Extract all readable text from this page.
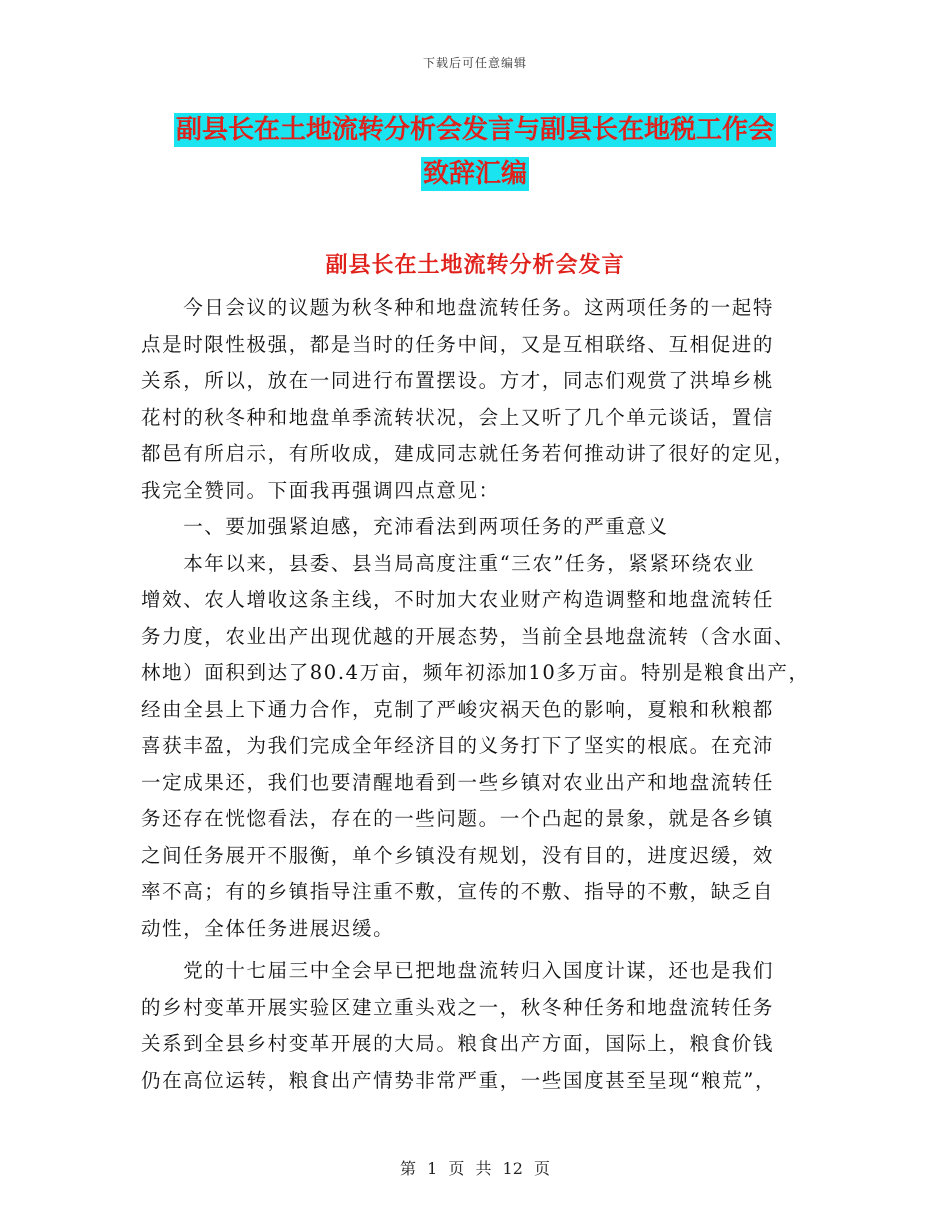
下载后可任意编辑
副县长在土地流转分析会发言与副县长在地税工作会
致辞汇编
副县长在土地流转分析会发言
　　今日会议的议题为秋冬种和地盘流转任务。这两项任务的一起特
点是时限性极强，都是当时的任务中间，又是互相联络、互相促进的
关系，所以，放在一同进行布置摆设。方才，同志们观赏了洪埠乡桃
花村的秋冬种和地盘单季流转状况，会上又听了几个单元谈话，置信
都邑有所启示，有所收成，建成同志就任务若何推动讲了很好的定见，
我完全赞同。下面我再强调四点意见：
　　一、要加强紧迫感，充沛看法到两项任务的严重意义
　　本年以来，县委、县当局高度注重“三农”任务，紧紧环绕农业
增效、农人增收这条主线，不时加大农业财产构造调整和地盘流转任
务力度，农业出产出现优越的开展态势，当前全县地盘流转（含水面、
林地）面积到达了80.4万亩，频年初添加10多万亩。特别是粮食出产，
经由全县上下通力合作，克制了严峻灾祸天色的影响，夏粮和秋粮都
喜获丰盈，为我们完成全年经济目的义务打下了坚实的根底。在充沛
一定成果还，我们也要清醒地看到一些乡镇对农业出产和地盘流转任
务还存在恍惚看法，存在的一些问题。一个凸起的景象，就是各乡镇
之间任务展开不服衡，单个乡镇没有规划，没有目的，进度迟缓，效
率不高；有的乡镇指导注重不敷，宣传的不敷、指导的不敷，缺乏自
动性，全体任务进展迟缓。
　　党的十七届三中全会早已把地盘流转归入国度计谋，还也是我们
的乡村变革开展实验区建立重头戏之一，秋冬种任务和地盘流转任务
关系到全县乡村变革开展的大局。粮食出产方面，国际上，粮食价钱
仍在高位运转，粮食出产情势非常严重，一些国度甚至呈现“粮荒”，
第 1 页 共 12 页
